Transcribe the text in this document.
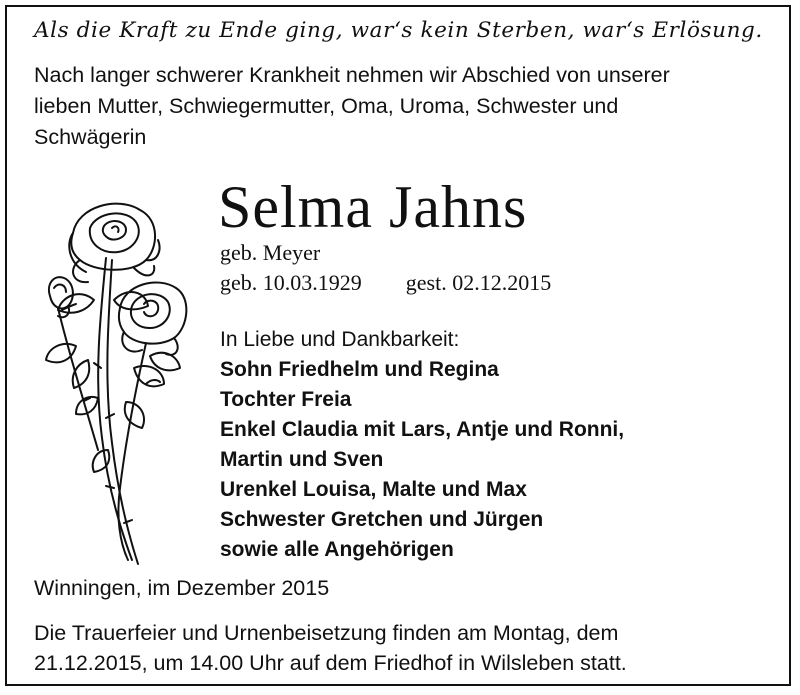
Als die Kraft zu Ende ging, war‘s kein Sterben, war‘s Erlösung.
Nach langer schwerer Krankheit nehmen wir Abschied von unserer
lieben Mutter, Schwiegermutter, Oma, Uroma, Schwester und
Schwägerin
Selma Jahns
geb. Meyer
geb. 10.03.1929 gest. 02.12.2015
In Liebe und Dankbarkeit:
Sohn Friedhelm und Regina
Tochter Freia
Enkel Claudia mit Lars, Antje und Ronni,
Martin und Sven
Urenkel Louisa, Malte und Max
Schwester Gretchen und Jürgen
sowie alle Angehörigen
Winningen, im Dezember 2015
Die Trauerfeier und Urnenbeisetzung finden am Montag, dem
21.12.2015, um 14.00 Uhr auf dem Friedhof in Wilsleben statt.
